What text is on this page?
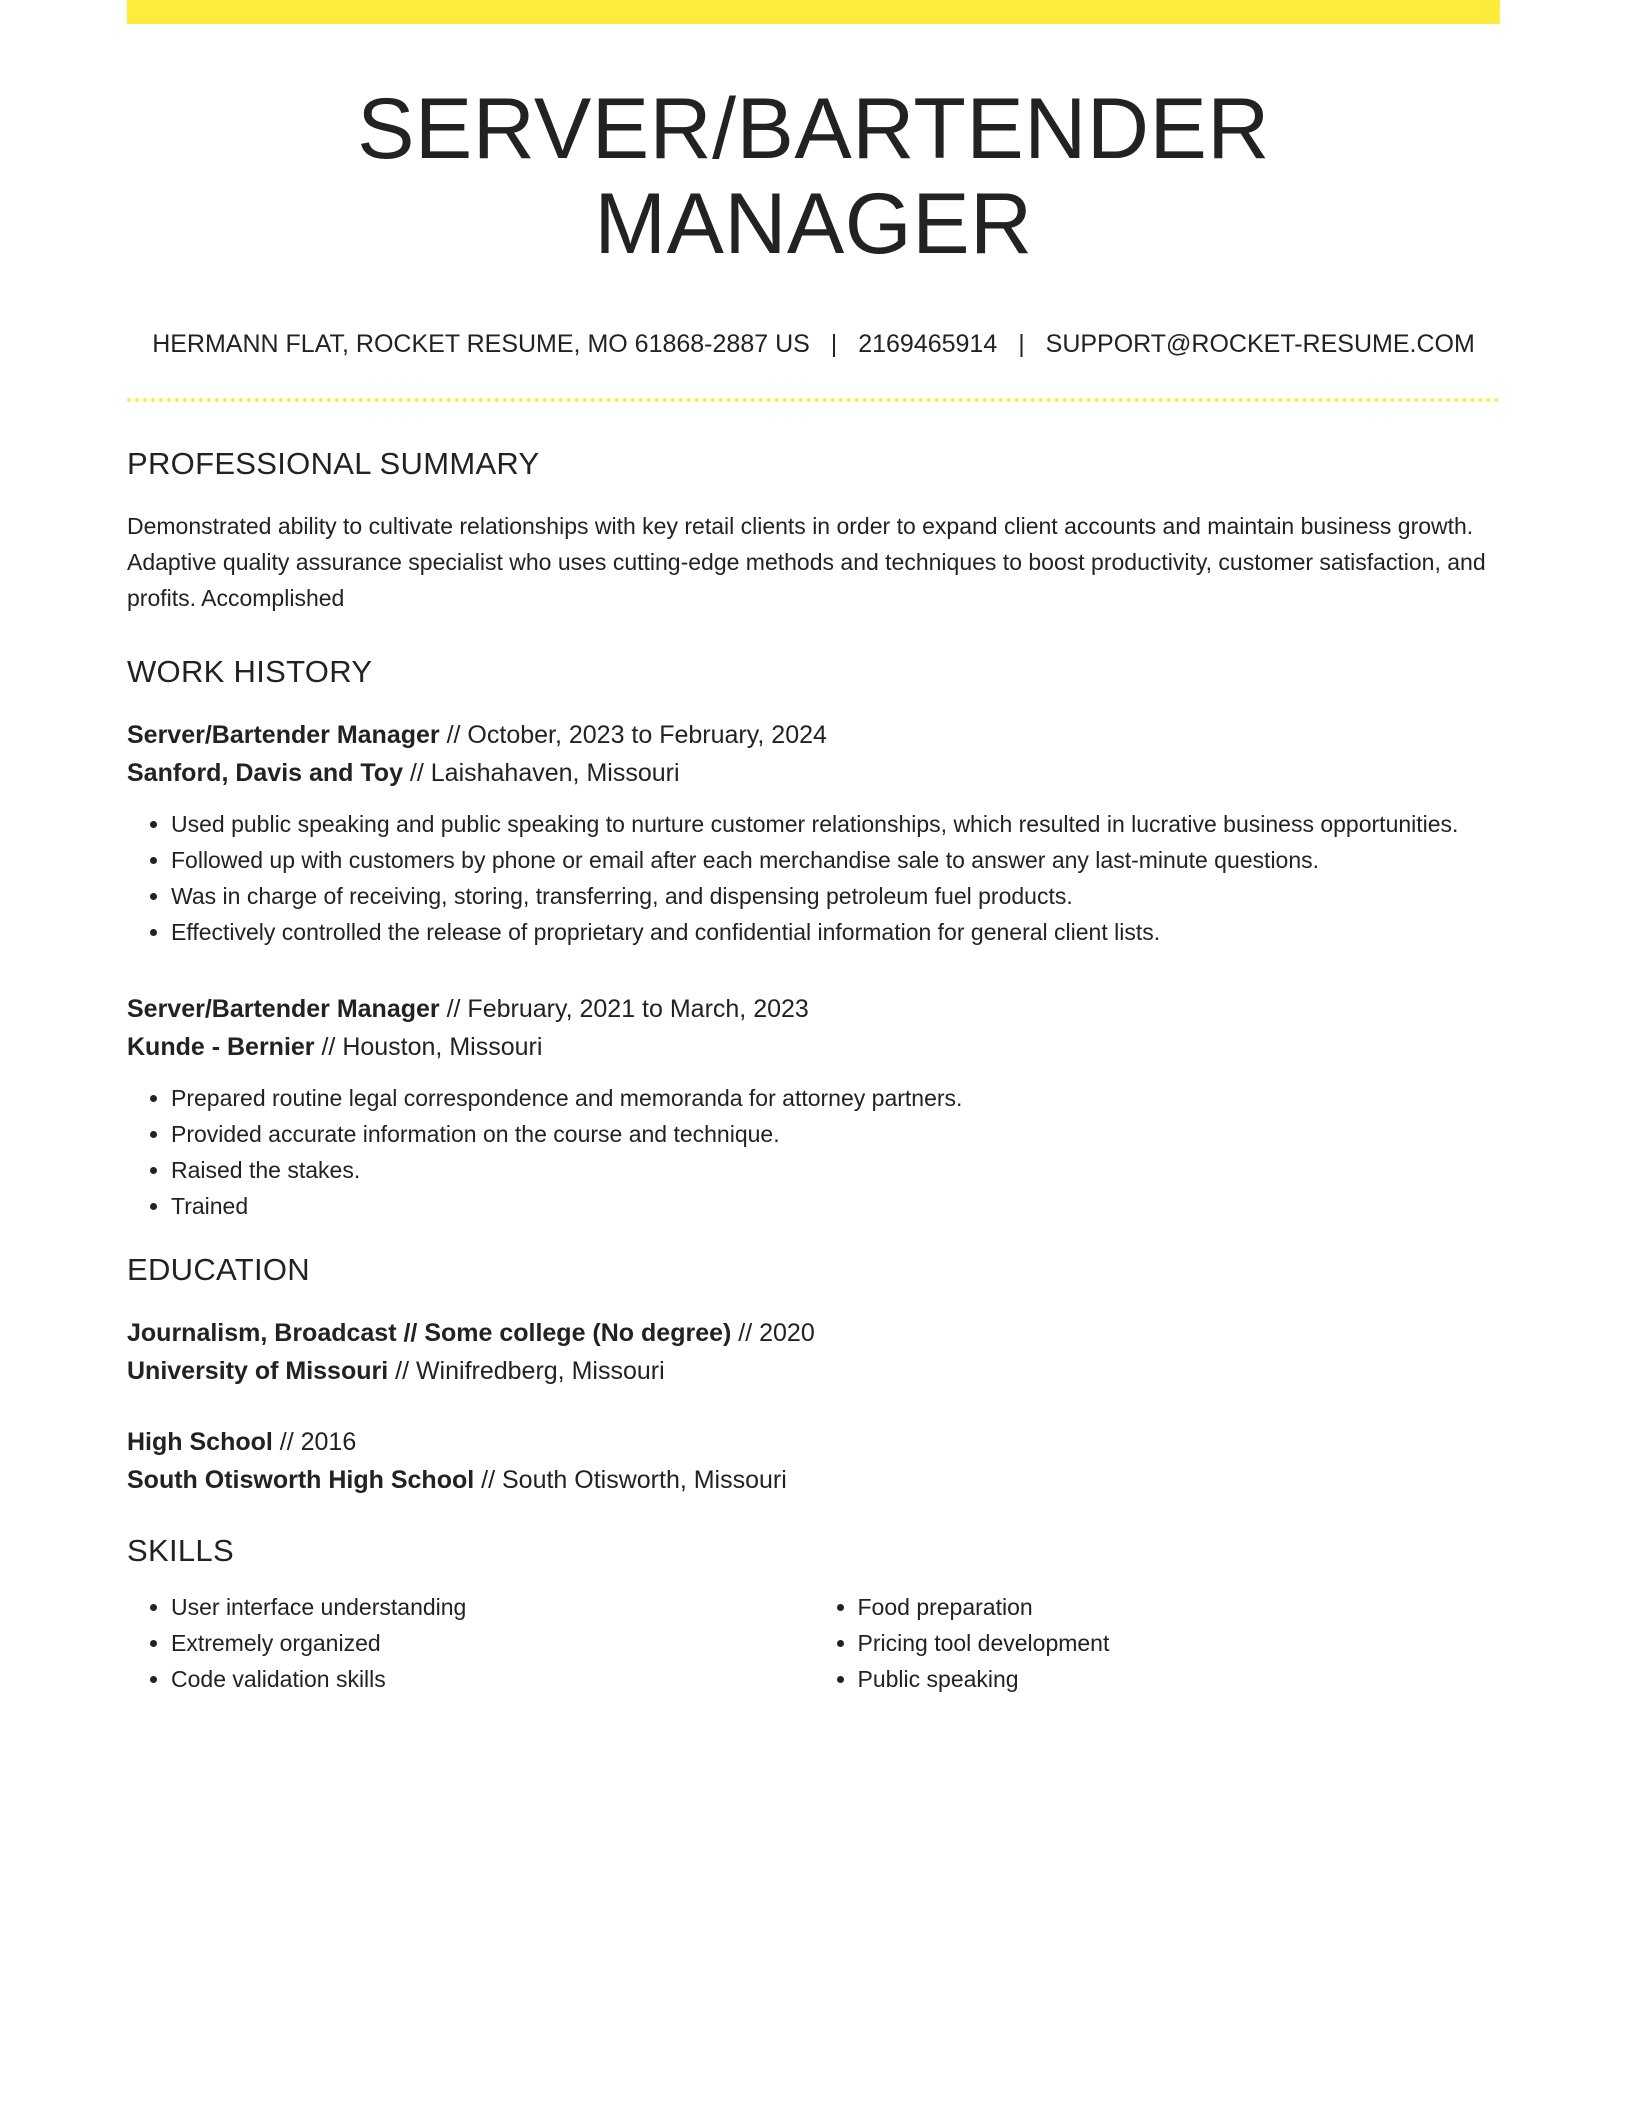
SERVER/BARTENDER MANAGER
HERMANN FLAT, ROCKET RESUME, MO 61868-2887 US | 2169465914 | SUPPORT@ROCKET-RESUME.COM
PROFESSIONAL SUMMARY
Demonstrated ability to cultivate relationships with key retail clients in order to expand client accounts and maintain business growth. Adaptive quality assurance specialist who uses cutting-edge methods and techniques to boost productivity, customer satisfaction, and profits. Accomplished
WORK HISTORY
Server/Bartender Manager // October, 2023 to February, 2024
Sanford, Davis and Toy // Laishahaven, Missouri
• Used public speaking and public speaking to nurture customer relationships, which resulted in lucrative business opportunities.
• Followed up with customers by phone or email after each merchandise sale to answer any last-minute questions.
• Was in charge of receiving, storing, transferring, and dispensing petroleum fuel products.
• Effectively controlled the release of proprietary and confidential information for general client lists.
Server/Bartender Manager // February, 2021 to March, 2023
Kunde - Bernier // Houston, Missouri
• Prepared routine legal correspondence and memoranda for attorney partners.
• Provided accurate information on the course and technique.
• Raised the stakes.
• Trained
EDUCATION
Journalism, Broadcast // Some college (No degree) // 2020
University of Missouri // Winifredberg, Missouri
High School // 2016
South Otisworth High School // South Otisworth, Missouri
SKILLS
• User interface understanding
• Extremely organized
• Code validation skills
• Food preparation
• Pricing tool development
• Public speaking
